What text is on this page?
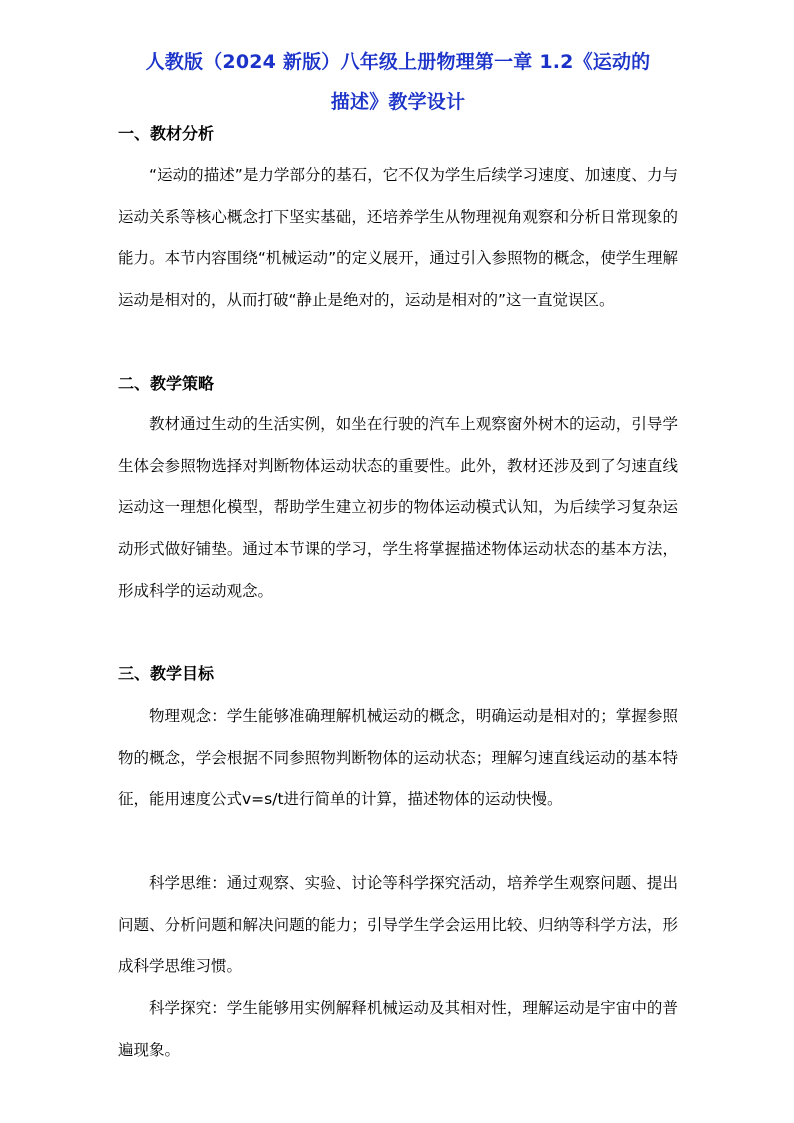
人教版（2024 新版）八年级上册物理第一章 1.2《运动的
描述》教学设计
一、教材分析
“运动的描述”是力学部分的基石，它不仅为学生后续学习速度、加速度、力与运动关系等核心概念打下坚实基础，还培养学生从物理视角观察和分析日常现象的能力。本节内容围绕“机械运动”的定义展开，通过引入参照物的概念，使学生理解运动是相对的，从而打破“静止是绝对的，运动是相对的”这一直觉误区。
二、教学策略
教材通过生动的生活实例，如坐在行驶的汽车上观察窗外树木的运动，引导学生体会参照物选择对判断物体运动状态的重要性。此外，教材还涉及到了匀速直线运动这一理想化模型，帮助学生建立初步的物体运动模式认知，为后续学习复杂运动形式做好铺垫。通过本节课的学习，学生将掌握描述物体运动状态的基本方法，形成科学的运动观念。
三、教学目标
物理观念：学生能够准确理解机械运动的概念，明确运动是相对的；掌握参照物的概念，学会根据不同参照物判断物体的运动状态；理解匀速直线运动的基本特征，能用速度公式v=s/t进行简单的计算，描述物体的运动快慢。
科学思维：通过观察、实验、讨论等科学探究活动，培养学生观察问题、提出问题、分析问题和解决问题的能力；引导学生学会运用比较、归纳等科学方法，形成科学思维习惯。
科学探究：学生能够用实例解释机械运动及其相对性，理解运动是宇宙中的普遍现象。
